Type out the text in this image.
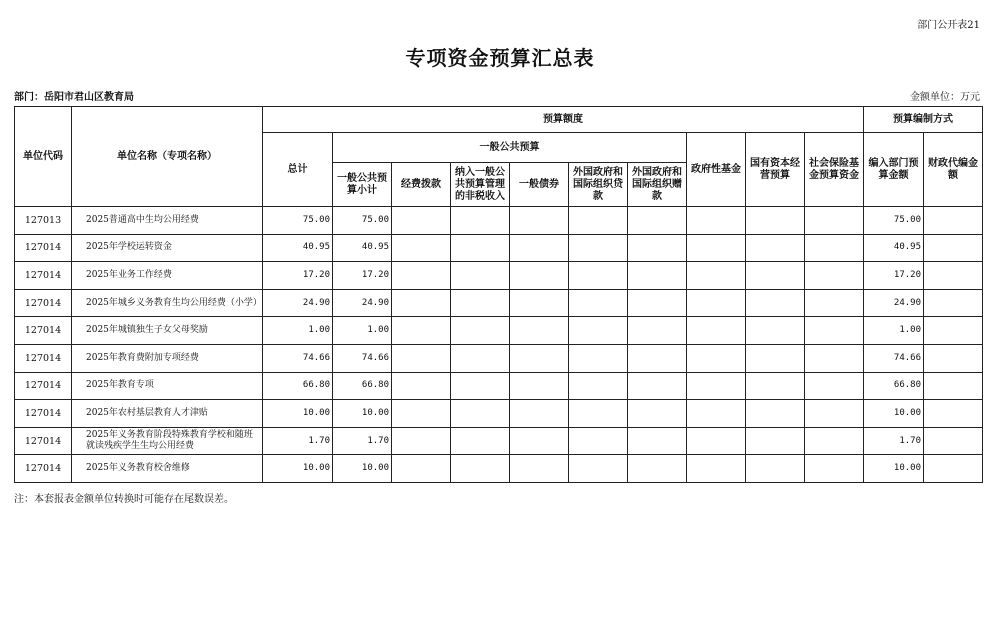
部门公开表21
专项资金预算汇总表
部门：岳阳市君山区教育局	金额单位：万元
单位代码	单位名称（专项名称）	预算额度										预算编制方式	
		总计	一般公共预算						政府性基金	国有资本经营预算	社会保险基金预算资金	编入部门预算金额	财政代编金额
			一般公共预算小计	经费拨款	纳入一般公共预算管理的非税收入	一般债券	外国政府和国际组织贷款	外国政府和国际组织赠款					
127013	2025普通高中生均公用经费	75.00	75.00									75.00	
127014	2025年学校运转资金	40.95	40.95									40.95	
127014	2025年业务工作经费	17.20	17.20									17.20	
127014	2025年城乡义务教育生均公用经费（小学）	24.90	24.90									24.90	
127014	2025年城镇独生子女父母奖励	1.00	1.00									1.00	
127014	2025年教育费附加专项经费	74.66	74.66									74.66	
127014	2025年教育专项	66.80	66.80									66.80	
127014	2025年农村基层教育人才津贴	10.00	10.00									10.00	
127014	2025年义务教育阶段特殊教育学校和随班就读残疾学生生均公用经费	1.70	1.70									1.70	
127014	2025年义务教育校舍维修	10.00	10.00									10.00	
注：本套报表金额单位转换时可能存在尾数误差。
